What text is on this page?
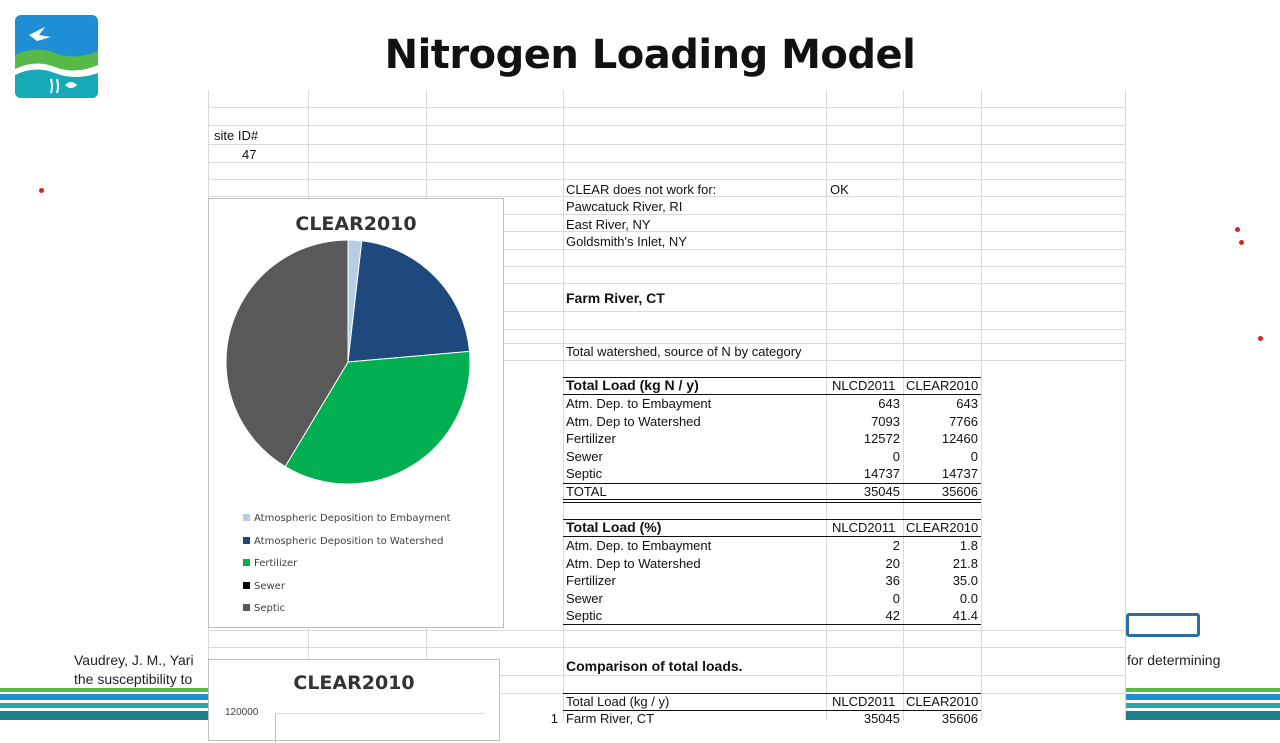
Nitrogen Loading Model
Vaudrey, J. M., Yari
the susceptibility to
for determining
site ID#
47
CLEAR does not work for:	OK
Pawcatuck River, RI
East River, NY
Goldsmith's Inlet, NY
Farm River, CT
Total watershed, source of N by category
Total Load (kg N / y)	NLCD2011 CLEAR2010
Atm. Dep. to Embayment	643	643
Atm. Dep to Watershed	7093	7766
Fertilizer	12572	12460
Sewer	0	0
Septic	14737	14737
TOTAL	35045	35606
Total Load (%)	NLCD2011 CLEAR2010
Atm. Dep. to Embayment	2	1.8
Atm. Dep to Watershed	20	21.8
Fertilizer	36	35.0
Sewer	0	0.0
Septic	42	41.4
Comparison of total loads.
Total Load (kg / y)	NLCD2011 CLEAR2010
1 Farm River, CT	35045	35606
CLEAR2010
Atmospheric Deposition to Embayment
Atmospheric Deposition to Watershed
Fertilizer
Sewer
Septic
CLEAR2010
120000
